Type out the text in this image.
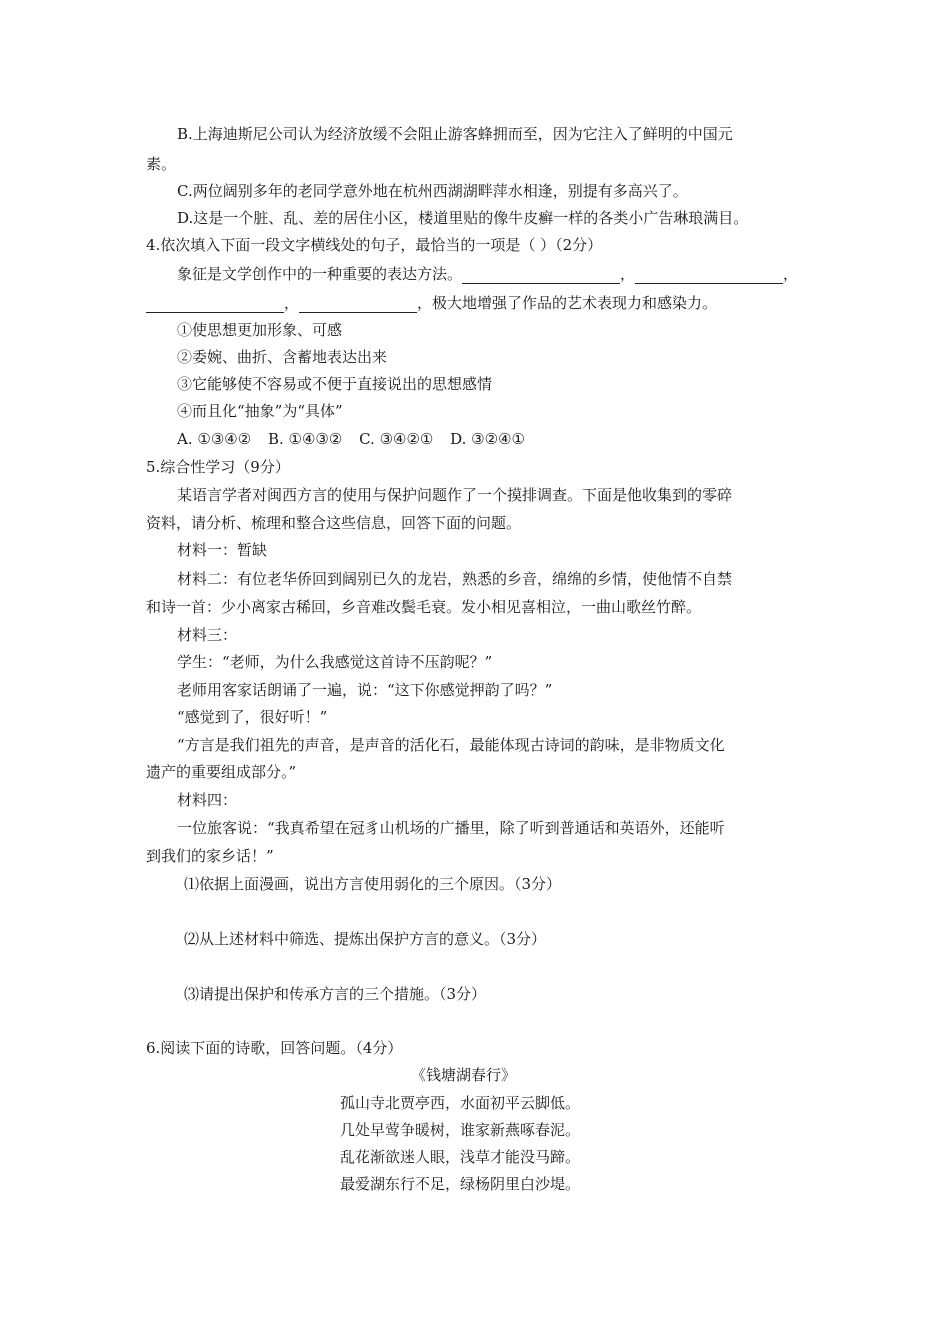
B.上海迪斯尼公司认为经济放缓不会阻止游客蜂拥而至，因为它注入了鲜明的中国元
素。
C.两位阔别多年的老同学意外地在杭州西湖湖畔萍水相逢，别提有多高兴了。
D.这是一个脏、乱、差的居住小区，楼道里贴的像牛皮癣一样的各类小广告琳琅满目。
4.依次填入下面一段文字横线处的句子，最恰当的一项是（ ）（2分）
象征是文学创作中的一种重要的表达方法。	，	，
，	，极大地增强了作品的艺术表现力和感染力。
①使思想更加形象、可感
②委婉、曲折、含蓄地表达出来
③它能够使不容易或不便于直接说出的思想感情
④而且化“抽象”为“具体”
A. ①③④② B. ①④③② C. ③④②① D. ③②④①
5.综合性学习（9分）
某语言学者对闽西方言的使用与保护问题作了一个摸排调查。下面是他收集到的零碎
资料，请分析、梳理和整合这些信息，回答下面的问题。
材料一：暂缺
材料二：有位老华侨回到阔别已久的龙岩，熟悉的乡音，绵绵的乡情，使他情不自禁
和诗一首：少小离家古稀回，乡音难改鬓毛衰。发小相见喜相泣，一曲山歌丝竹醉。
材料三：
学生：“老师，为什么我感觉这首诗不压韵呢？”
老师用客家话朗诵了一遍，说：“这下你感觉押韵了吗？”
“感觉到了，很好听！”
“方言是我们祖先的声音，是声音的活化石，最能体现古诗词的韵味，是非物质文化
遗产的重要组成部分。”
材料四：
一位旅客说：“我真希望在冠豸山机场的广播里，除了听到普通话和英语外，还能听
到我们的家乡话！”
⑴依据上面漫画，说出方言使用弱化的三个原因。（3分）
⑵从上述材料中筛选、提炼出保护方言的意义。（3分）
⑶请提出保护和传承方言的三个措施。（3分）
6.阅读下面的诗歌，回答问题。（4分）
《钱塘湖春行》
孤山寺北贾亭西，水面初平云脚低。
几处早莺争暖树，谁家新燕啄春泥。
乱花渐欲迷人眼，浅草才能没马蹄。
最爱湖东行不足，绿杨阴里白沙堤。
